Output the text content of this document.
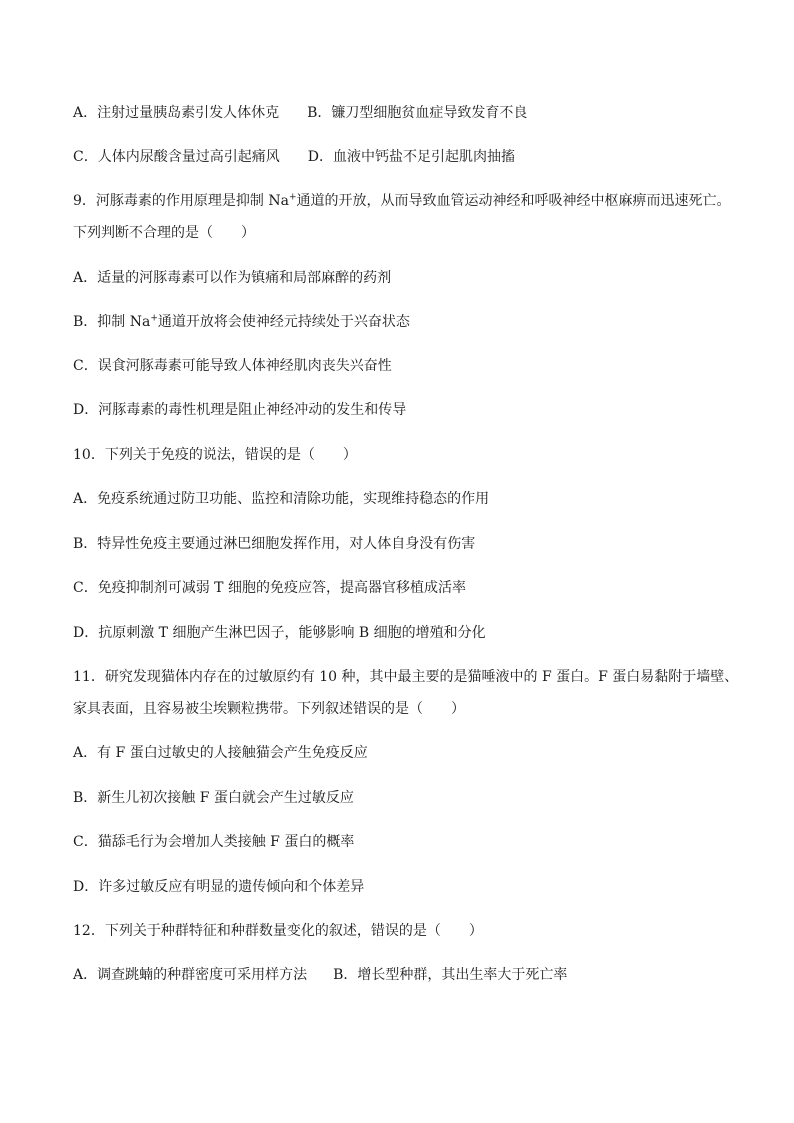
A．注射过量胰岛素引发人体休克 B．镰刀型细胞贫血症导致发育不良
C．人体内尿酸含量过高引起痛风 D．血液中钙盐不足引起肌肉抽搐
9．河豚毒素的作用原理是抑制 Na+通道的开放，从而导致血管运动神经和呼吸神经中枢麻痹而迅速死亡。
下列判断不合理的是（　　）
A．适量的河豚毒素可以作为镇痛和局部麻醉的药剂
B．抑制 Na+通道开放将会使神经元持续处于兴奋状态
C．误食河豚毒素可能导致人体神经肌肉丧失兴奋性
D．河豚毒素的毒性机理是阻止神经冲动的发生和传导
10．下列关于免疫的说法，错误的是（　　）
A．免疫系统通过防卫功能、监控和清除功能，实现维持稳态的作用
B．特异性免疫主要通过淋巴细胞发挥作用，对人体自身没有伤害
C．免疫抑制剂可减弱 T 细胞的免疫应答，提高器官移植成活率
D．抗原刺激 T 细胞产生淋巴因子，能够影响 B 细胞的增殖和分化
11．研究发现猫体内存在的过敏原约有 10 种，其中最主要的是猫唾液中的 F 蛋白。F 蛋白易黏附于墙壁、
家具表面，且容易被尘埃颗粒携带。下列叙述错误的是（　　）
A．有 F 蛋白过敏史的人接触猫会产生免疫反应
B．新生儿初次接触 F 蛋白就会产生过敏反应
C．猫舔毛行为会增加人类接触 F 蛋白的概率
D．许多过敏反应有明显的遗传倾向和个体差异
12．下列关于种群特征和种群数量变化的叙述，错误的是（　　）
A．调查跳蝻的种群密度可采用样方法 B．增长型种群，其出生率大于死亡率
